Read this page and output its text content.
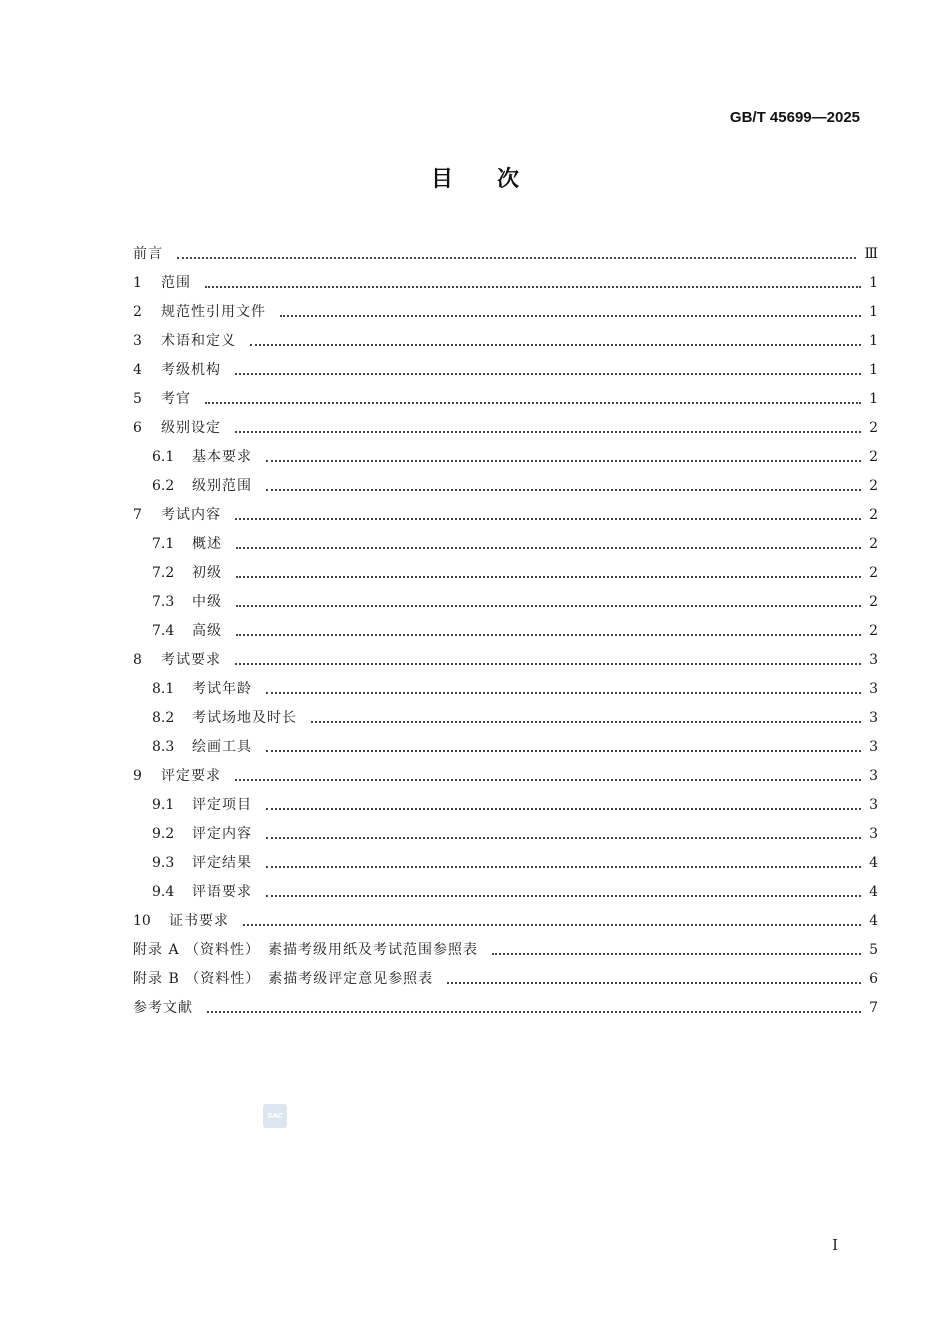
GB/T 45699—2025
目次
前言	Ⅲ
1	范围	1
2	规范性引用文件	1
3	术语和定义	1
4	考级机构	1
5	考官	1
6	级别设定	2
6.1	基本要求	2
6.2	级别范围	2
7	考试内容	2
7.1	概述	2
7.2	初级	2
7.3	中级	2
7.4	高级	2
8	考试要求	3
8.1	考试年龄	3
8.2	考试场地及时长	3
8.3	绘画工具	3
9	评定要求	3
9.1	评定项目	3
9.2	评定内容	3
9.3	评定结果	4
9.4	评语要求	4
10	证书要求	4
附录 A （资料性）　素描考级用纸及考试范围参照表	5
附录 B （资料性）　素描考级评定意见参照表	6
参考文献	7
SAC
Ⅰ
